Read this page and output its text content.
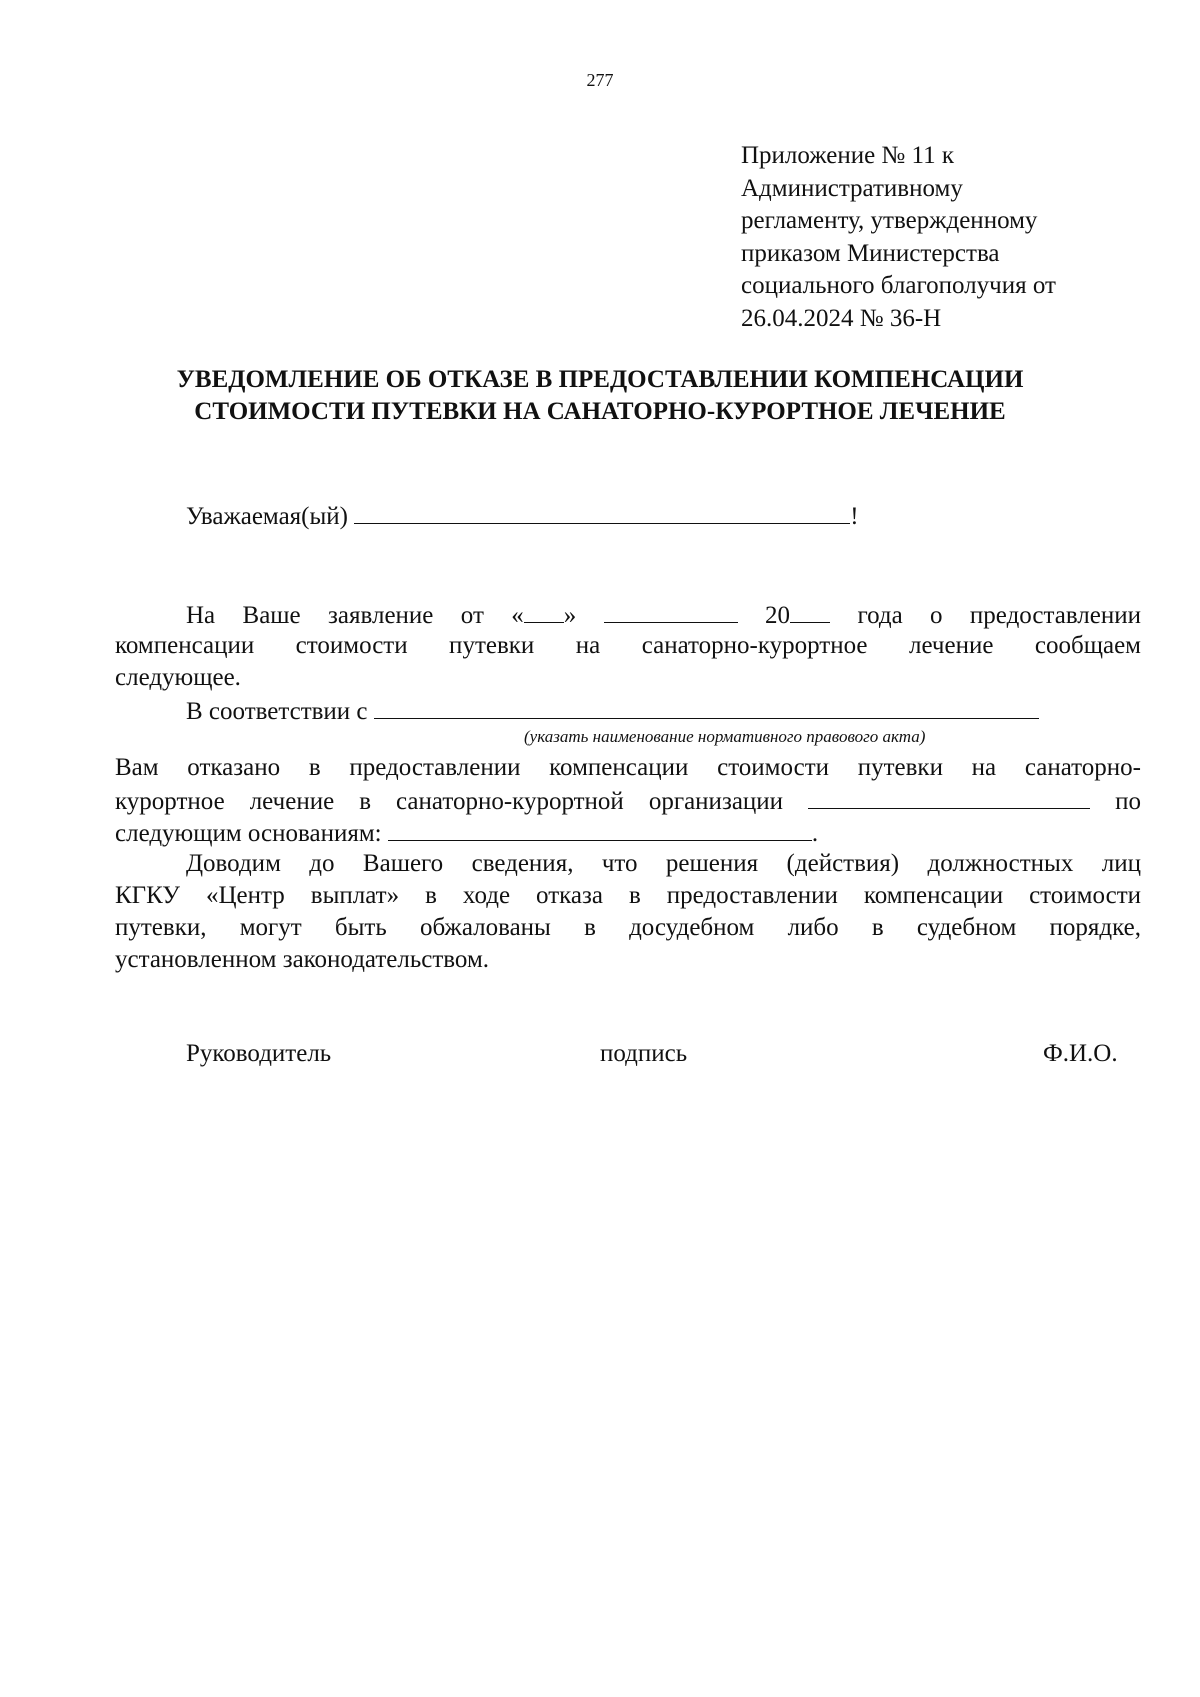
277
Приложение № 11 к
Административному
регламенту, утвержденному
приказом Министерства
социального благополучия от
26.04.2024 № 36-Н
УВЕДОМЛЕНИЕ ОБ ОТКАЗЕ В ПРЕДОСТАВЛЕНИИ КОМПЕНСАЦИИ
СТОИМОСТИ ПУТЕВКИ НА САНАТОРНО-КУРОРТНОЕ ЛЕЧЕНИЕ
Уважаемая(ый)	!
На Ваше заявление от « »	20	года о предоставлении
компенсации стоимости путевки на санаторно-курортное лечение сообщаем
следующее.
В соответствии с
(указать наименование нормативного правового акта)
Вам отказано в предоставлении компенсации стоимости путевки на санаторно-
курортное лечение в санаторно-курортной организации	по
следующим основаниям:	.
Доводим до Вашего сведения, что решения (действия) должностных лиц
КГКУ «Центр выплат» в ходе отказа в предоставлении компенсации стоимости
путевки, могут быть обжалованы в досудебном либо в судебном порядке,
установленном законодательством.
Руководитель	подпись	Ф.И.О.
